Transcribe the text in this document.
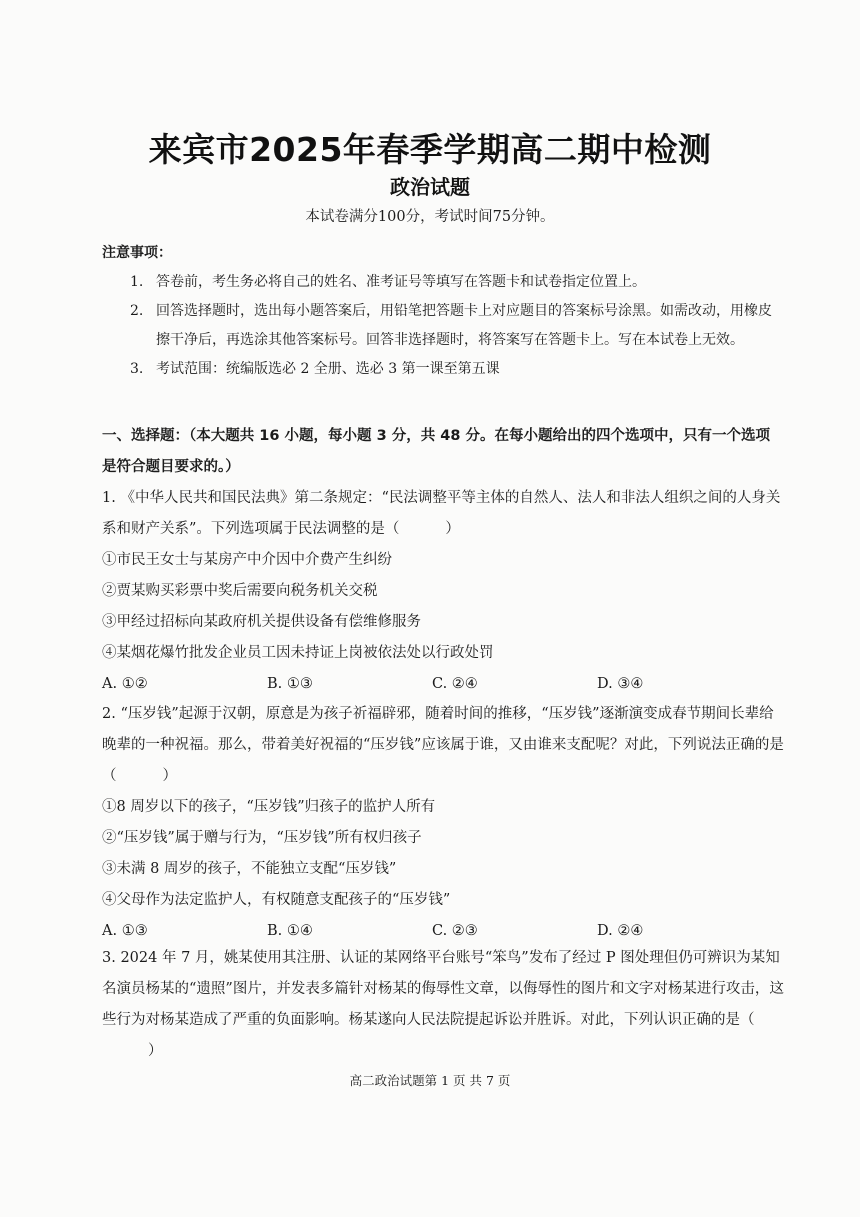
来宾市2025年春季学期高二期中检测
政治试题
本试卷满分100分，考试时间75分钟。
注意事项：
1. 答卷前，考生务必将自己的姓名、准考证号等填写在答题卡和试卷指定位置上。
2. 回答选择题时，选出每小题答案后，用铅笔把答题卡上对应题目的答案标号涂黑。如需改动，用橡皮擦干净后，再选涂其他答案标号。回答非选择题时，将答案写在答题卡上。写在本试卷上无效。
3. 考试范围：统编版选必 2 全册、选必 3 第一课至第五课
一、选择题：（本大题共 16 小题，每小题 3 分，共 48 分。在每小题给出的四个选项中，只有一个选项是符合题目要求的。）
1. 《中华人民共和国民法典》第二条规定：“民法调整平等主体的自然人、法人和非法人组织之间的人身关系和财产关系”。下列选项属于民法调整的是（	）
①市民王女士与某房产中介因中介费产生纠纷
②贾某购买彩票中奖后需要向税务机关交税
③甲经过招标向某政府机关提供设备有偿维修服务
④某烟花爆竹批发企业员工因未持证上岗被依法处以行政处罚
A. ①②	B. ①③	C. ②④	D. ③④
2. “压岁钱”起源于汉朝，原意是为孩子祈福辟邪，随着时间的推移，“压岁钱”逐渐演变成春节期间长辈给晚辈的一种祝福。那么，带着美好祝福的“压岁钱”应该属于谁，又由谁来支配呢？对此，下列说法正确的是（	）
①8 周岁以下的孩子，“压岁钱”归孩子的监护人所有
②“压岁钱”属于赠与行为，“压岁钱”所有权归孩子
③未满 8 周岁的孩子，不能独立支配“压岁钱”
④父母作为法定监护人，有权随意支配孩子的“压岁钱”
A. ①③	B. ①④	C. ②③	D. ②④
3. 2024 年 7 月，姚某使用其注册、认证的某网络平台账号“笨鸟”发布了经过 P 图处理但仍可辨识为某知名演员杨某的“遗照”图片，并发表多篇针对杨某的侮辱性文章，以侮辱性的图片和文字对杨某进行攻击，这些行为对杨某造成了严重的负面影响。杨某遂向人民法院提起诉讼并胜诉。对此，下列认识正确的是（）
高二政治试题第 1 页 共 7 页
